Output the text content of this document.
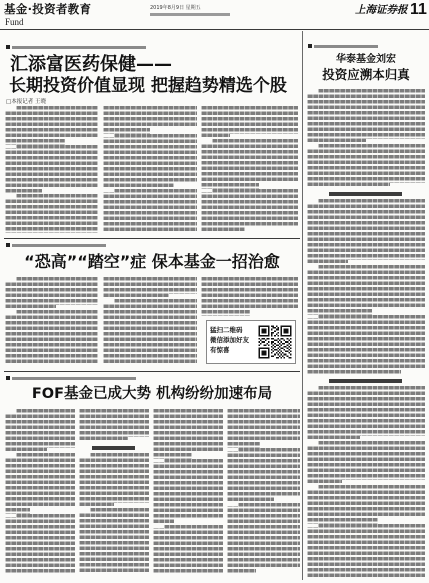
基金·投资者教育
Fund
2019年8月9日 星期五	上海证券报 11
汇添富医药保健——
长期投资价值显现 把握趋势精选个股
□本报记者 王晓
“恐高”“踏空”症 保本基金一招治愈
猛扫二维码
微信添加好友
有惊喜
FOF基金已成大势 机构纷纷加速布局
华泰基金刘宏
投资应溯本归真
